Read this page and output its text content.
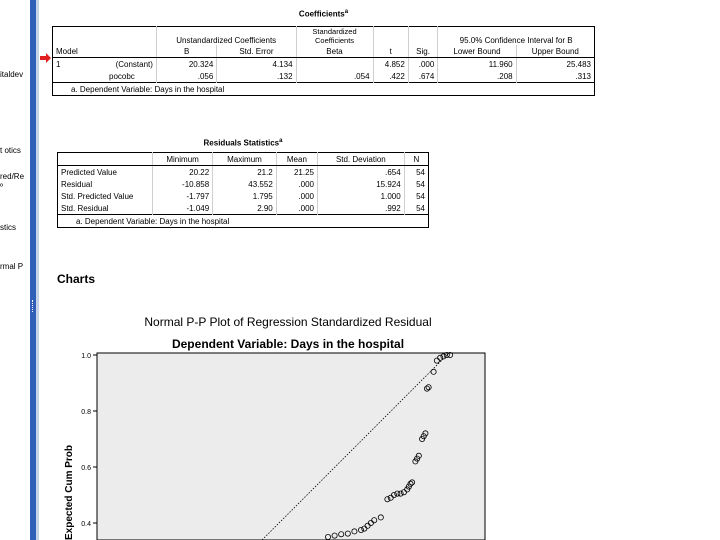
italdev
t otics
red/Re
º
stics
rmal P
Coefficients$^a$
		Unstandardized Coefficients		Standardized Coefficients			95.0% Confidence Interval for B	
Model		B	Std. Error	Beta	t	Sig.	Lower Bound	Upper Bound
1	(Constant)	20.324	4.134		4.852	.000	11.960	25.483
	pocobc	.056	.132	.054	.422	.674	.208	.313
a. Dependent Variable: Days in the hospital								
Residuals Statistics$^a$
	Minimum	Maximum	Mean	Std. Deviation	N
Predicted Value	20.22	21.2	21.25	.654	54
Residual	-10.858	43.552	.000	15.924	54
Std. Predicted Value	-1.797	1.795	.000	1.000	54
Std. Residual	-1.049	2.90	.000	.992	54
a. Dependent Variable: Days in the hospital					
Charts
Normal P-P Plot of Regression Standardized Residual
Dependent Variable: Days in the hospital
1.0
0.8
0.6
0.4
Expected Cum Prob
